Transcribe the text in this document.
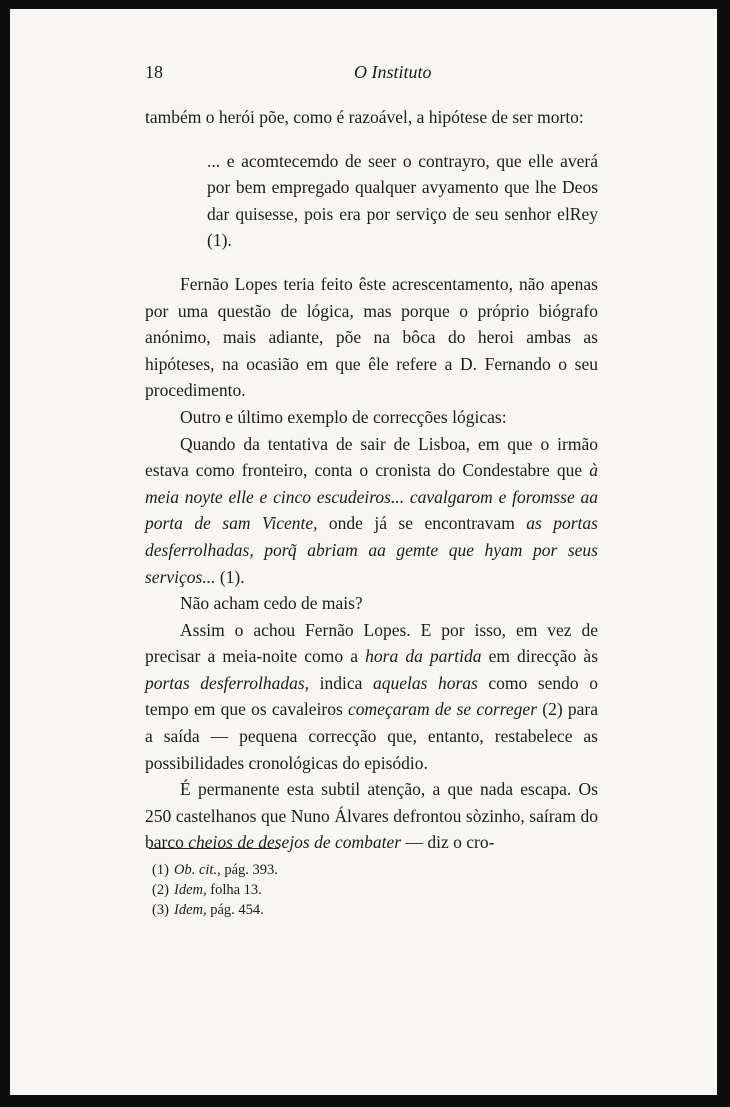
18	O Instituto

também o herói põe, como é razoável, a hipótese de ser morto:

... e acomtecemdo de seer o contrayro, que elle averá por bem empregado qualquer avyamento que lhe Deos dar quisesse, pois era por serviço de seu senhor elRey (1).

Fernão Lopes teria feito êste acrescentamento, não apenas por uma questão de lógica, mas porque o próprio biógrafo anónimo, mais adiante, põe na bôca do heroi ambas as hipóteses, na ocasião em que êle refere a D. Fernando o seu procedimento.

Outro e último exemplo de correcções lógicas:

Quando da tentativa de sair de Lisboa, em que o irmão estava como fronteiro, conta o cronista do Condestabre que à meia noyte elle e cinco escudeiros... cavalgarom e foromsse aa porta de sam Vicente, onde já se encontravam as portas desferrolhadas, porq̃ abriam aa gemte que hyam por seus serviços... (1).

Não acham cedo de mais?

Assim o achou Fernão Lopes. E por isso, em vez de precisar a meia-noite como a hora da partida em direcção às portas desferrolhadas, indica aquelas horas como sendo o tempo em que os cavaleiros começaram de se correger (2) para a saída — pequena correcção que, entanto, restabelece as possibilidades cronológicas do episódio.

É permanente esta subtil atenção, a que nada escapa. Os 250 castelhanos que Nuno Álvares defrontou sòzinho, saíram do barco cheios de desejos de combater — diz o cro-

(1) Ob. cit., pág. 393.
(2) Idem, folha 13.
(3) Idem, pág. 454.
